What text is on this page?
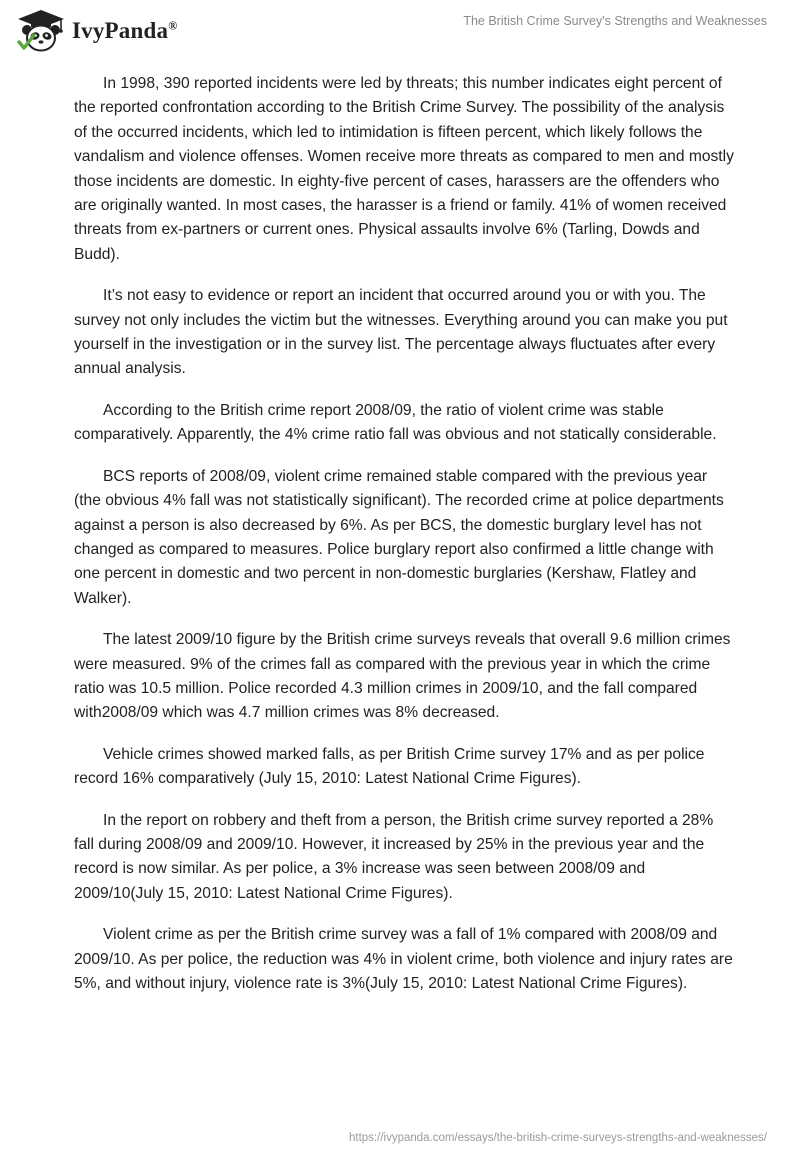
IvyPanda®	The British Crime Survey's Strengths and Weaknesses

In 1998, 390 reported incidents were led by threats; this number indicates eight percent of the reported confrontation according to the British Crime Survey. The possibility of the analysis of the occurred incidents, which led to intimidation is fifteen percent, which likely follows the vandalism and violence offenses. Women receive more threats as compared to men and mostly those incidents are domestic. In eighty-five percent of cases, harassers are the offenders who are originally wanted. In most cases, the harasser is a friend or family. 41% of women received threats from ex-partners or current ones. Physical assaults involve 6% (Tarling, Dowds and Budd).

It’s not easy to evidence or report an incident that occurred around you or with you. The survey not only includes the victim but the witnesses. Everything around you can make you put yourself in the investigation or in the survey list. The percentage always fluctuates after every annual analysis.

According to the British crime report 2008/09, the ratio of violent crime was stable comparatively. Apparently, the 4% crime ratio fall was obvious and not statically considerable.

BCS reports of 2008/09, violent crime remained stable compared with the previous year (the obvious 4% fall was not statistically significant). The recorded crime at police departments against a person is also decreased by 6%. As per BCS, the domestic burglary level has not changed as compared to measures. Police burglary report also confirmed a little change with one percent in domestic and two percent in non-domestic burglaries (Kershaw, Flatley and Walker).

The latest 2009/10 figure by the British crime surveys reveals that overall 9.6 million crimes were measured. 9% of the crimes fall as compared with the previous year in which the crime ratio was 10.5 million. Police recorded 4.3 million crimes in 2009/10, and the fall compared with2008/09 which was 4.7 million crimes was 8% decreased.

Vehicle crimes showed marked falls, as per British Crime survey 17% and as per police record 16% comparatively (July 15, 2010: Latest National Crime Figures).

In the report on robbery and theft from a person, the British crime survey reported a 28% fall during 2008/09 and 2009/10. However, it increased by 25% in the previous year and the record is now similar. As per police, a 3% increase was seen between 2008/09 and 2009/10(July 15, 2010: Latest National Crime Figures).

Violent crime as per the British crime survey was a fall of 1% compared with 2008/09 and 2009/10. As per police, the reduction was 4% in violent crime, both violence and injury rates are 5%, and without injury, violence rate is 3%(July 15, 2010: Latest National Crime Figures).

https://ivypanda.com/essays/the-british-crime-surveys-strengths-and-weaknesses/
